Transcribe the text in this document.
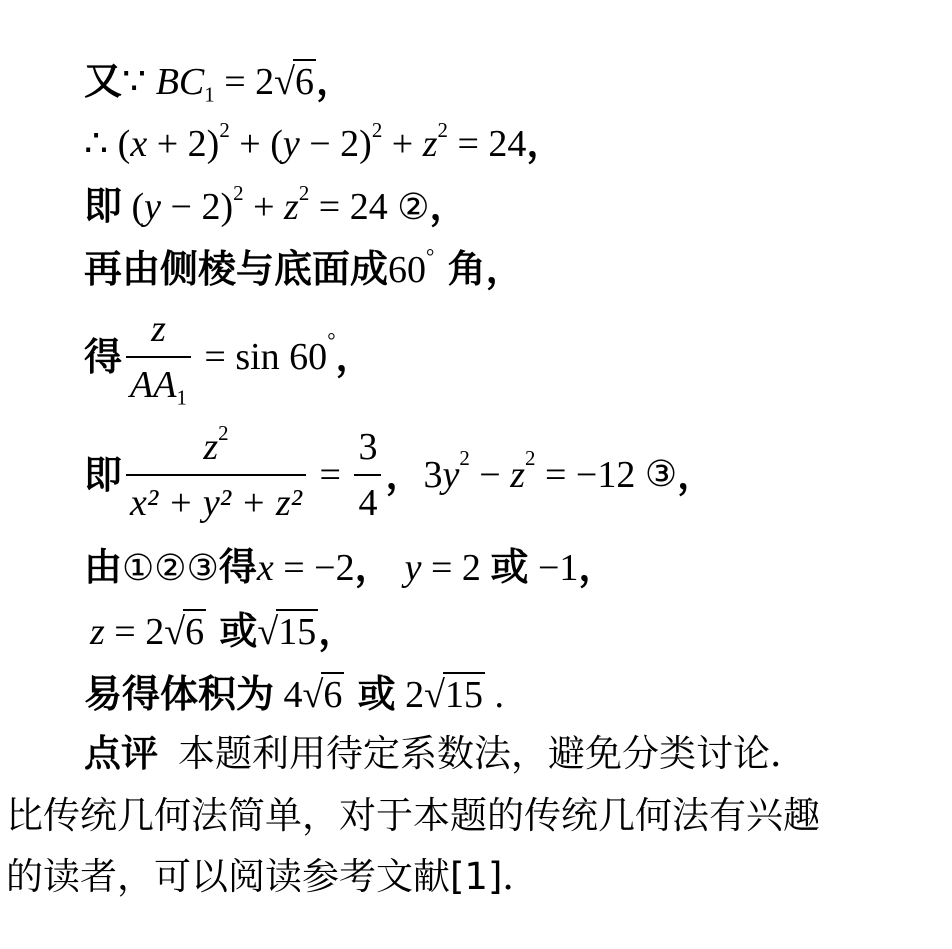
又∵ $BC_1 = 2√6$，
∴ $(x + 2)^2 + (y - 2)^2 + z^2 = 24$，
即 $(y - 2)^2 + z^2 = 24$ ②，
再由侧棱与底面成60° 角，
得 $\frac{z}{AA_1} = \sin 60^\circ$，
即 $\frac{z^2}{\text{x² + y² + z²}} = \frac{3}{4}$ ，$3y^2 - z^2 = -12$ ③，
由①②③得x = −2， y = 2 或 −1，
z = 2√6 或√15，
易得体积为 4√6 或 2√15 .
点评 本题利用待定系数法，避免分类讨论．
比传统几何法简单，对于本题的传统几何法有兴趣
的读者，可以阅读参考文献[1]．
